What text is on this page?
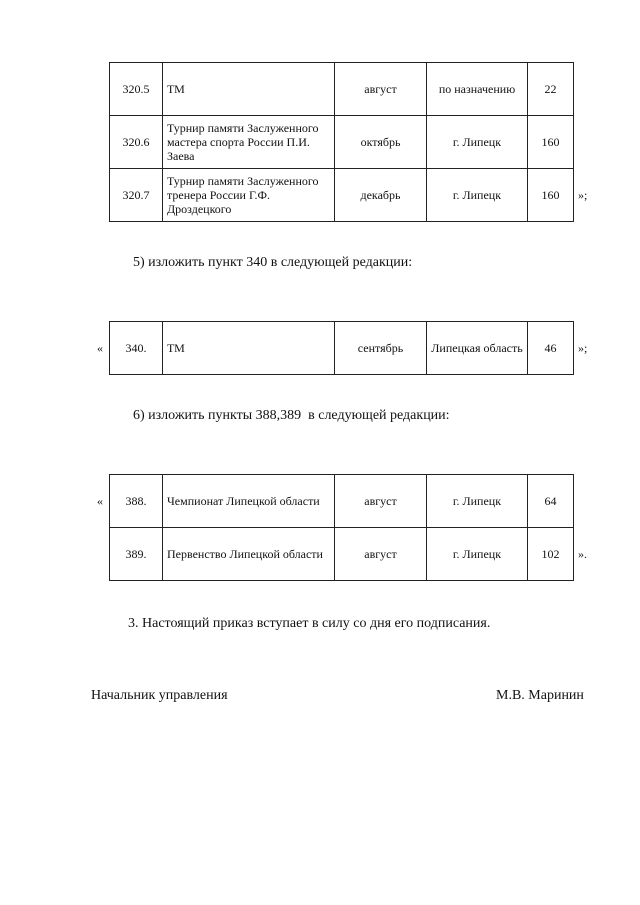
320.5	ТМ	август	по назначению	22
320.6	Турнир памяти Заслуженного мастера спорта России П.И. Заева	октябрь	г. Липецк	160
320.7	Турнир памяти Заслуженного тренера России Г.Ф. Дроздецкого	декабрь	г. Липецк	160 »;
5) изложить пункт 340 в следующей редакции:
« 340.	ТМ	сентябрь	Липецкая область	46 »;
6) изложить пункты 388,389  в следующей редакции:
« 388.	Чемпионат Липецкой области	август	г. Липецк	64
389.	Первенство Липецкой области	август	г. Липецк	102 ».
3. Настоящий приказ вступает в силу со дня его подписания.
Начальник управления	М.В. Маринин
